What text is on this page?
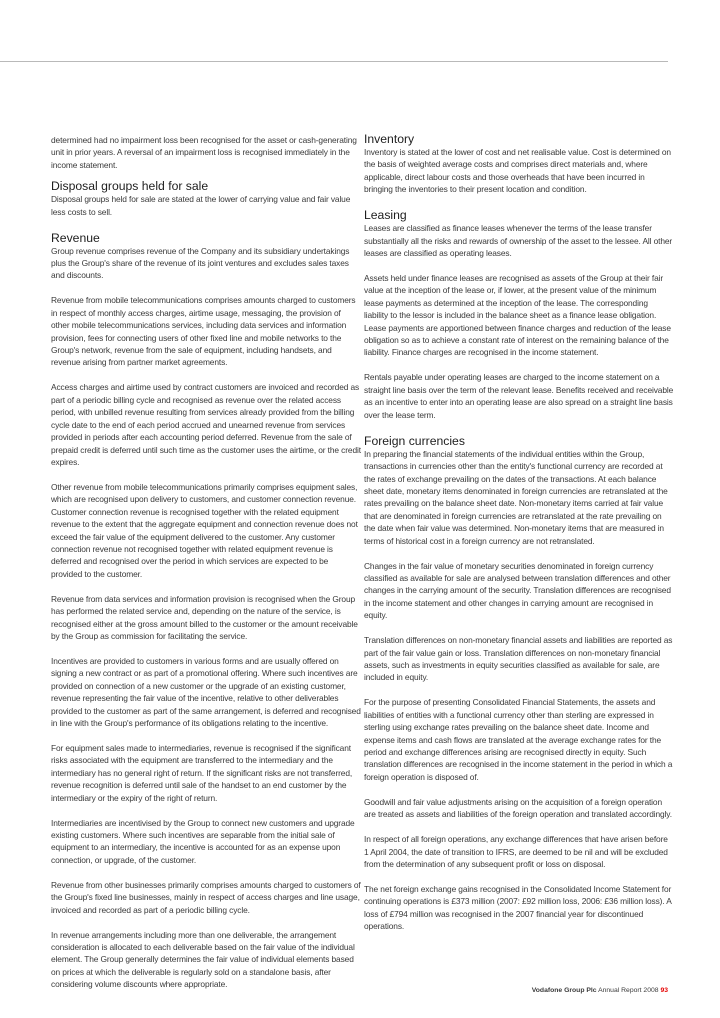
determined had no impairment loss been recognised for the asset or cash-generating unit in prior years. A reversal of an impairment loss is recognised immediately in the income statement.

Disposal groups held for sale

Disposal groups held for sale are stated at the lower of carrying value and fair value less costs to sell.

Revenue

Group revenue comprises revenue of the Company and its subsidiary undertakings plus the Group's share of the revenue of its joint ventures and excludes sales taxes and discounts.

Revenue from mobile telecommunications comprises amounts charged to customers in respect of monthly access charges, airtime usage, messaging, the provision of other mobile telecommunications services, including data services and information provision, fees for connecting users of other fixed line and mobile networks to the Group's network, revenue from the sale of equipment, including handsets, and revenue arising from partner market agreements.

Access charges and airtime used by contract customers are invoiced and recorded as part of a periodic billing cycle and recognised as revenue over the related access period, with unbilled revenue resulting from services already provided from the billing cycle date to the end of each period accrued and unearned revenue from services provided in periods after each accounting period deferred. Revenue from the sale of prepaid credit is deferred until such time as the customer uses the airtime, or the credit expires.

Other revenue from mobile telecommunications primarily comprises equipment sales, which are recognised upon delivery to customers, and customer connection revenue. Customer connection revenue is recognised together with the related equipment revenue to the extent that the aggregate equipment and connection revenue does not exceed the fair value of the equipment delivered to the customer. Any customer connection revenue not recognised together with related equipment revenue is deferred and recognised over the period in which services are expected to be provided to the customer.

Revenue from data services and information provision is recognised when the Group has performed the related service and, depending on the nature of the service, is recognised either at the gross amount billed to the customer or the amount receivable by the Group as commission for facilitating the service.

Incentives are provided to customers in various forms and are usually offered on signing a new contract or as part of a promotional offering. Where such incentives are provided on connection of a new customer or the upgrade of an existing customer, revenue representing the fair value of the incentive, relative to other deliverables provided to the customer as part of the same arrangement, is deferred and recognised in line with the Group's performance of its obligations relating to the incentive.

For equipment sales made to intermediaries, revenue is recognised if the significant risks associated with the equipment are transferred to the intermediary and the intermediary has no general right of return. If the significant risks are not transferred, revenue recognition is deferred until sale of the handset to an end customer by the intermediary or the expiry of the right of return.

Intermediaries are incentivised by the Group to connect new customers and upgrade existing customers. Where such incentives are separable from the initial sale of equipment to an intermediary, the incentive is accounted for as an expense upon connection, or upgrade, of the customer.

Revenue from other businesses primarily comprises amounts charged to customers of the Group's fixed line businesses, mainly in respect of access charges and line usage, invoiced and recorded as part of a periodic billing cycle.

In revenue arrangements including more than one deliverable, the arrangement consideration is allocated to each deliverable based on the fair value of the individual element. The Group generally determines the fair value of individual elements based on prices at which the deliverable is regularly sold on a standalone basis, after considering volume discounts where appropriate.

Inventory

Inventory is stated at the lower of cost and net realisable value. Cost is determined on the basis of weighted average costs and comprises direct materials and, where applicable, direct labour costs and those overheads that have been incurred in bringing the inventories to their present location and condition.

Leasing

Leases are classified as finance leases whenever the terms of the lease transfer substantially all the risks and rewards of ownership of the asset to the lessee. All other leases are classified as operating leases.

Assets held under finance leases are recognised as assets of the Group at their fair value at the inception of the lease or, if lower, at the present value of the minimum lease payments as determined at the inception of the lease. The corresponding liability to the lessor is included in the balance sheet as a finance lease obligation. Lease payments are apportioned between finance charges and reduction of the lease obligation so as to achieve a constant rate of interest on the remaining balance of the liability. Finance charges are recognised in the income statement.

Rentals payable under operating leases are charged to the income statement on a straight line basis over the term of the relevant lease. Benefits received and receivable as an incentive to enter into an operating lease are also spread on a straight line basis over the lease term.

Foreign currencies

In preparing the financial statements of the individual entities within the Group, transactions in currencies other than the entity's functional currency are recorded at the rates of exchange prevailing on the dates of the transactions. At each balance sheet date, monetary items denominated in foreign currencies are retranslated at the rates prevailing on the balance sheet date. Non-monetary items carried at fair value that are denominated in foreign currencies are retranslated at the rate prevailing on the date when fair value was determined. Non-monetary items that are measured in terms of historical cost in a foreign currency are not retranslated.

Changes in the fair value of monetary securities denominated in foreign currency classified as available for sale are analysed between translation differences and other changes in the carrying amount of the security. Translation differences are recognised in the income statement and other changes in carrying amount are recognised in equity.

Translation differences on non-monetary financial assets and liabilities are reported as part of the fair value gain or loss. Translation differences on non-monetary financial assets, such as investments in equity securities classified as available for sale, are included in equity.

For the purpose of presenting Consolidated Financial Statements, the assets and liabilities of entities with a functional currency other than sterling are expressed in sterling using exchange rates prevailing on the balance sheet date. Income and expense items and cash flows are translated at the average exchange rates for the period and exchange differences arising are recognised directly in equity. Such translation differences are recognised in the income statement in the period in which a foreign operation is disposed of.

Goodwill and fair value adjustments arising on the acquisition of a foreign operation are treated as assets and liabilities of the foreign operation and translated accordingly.

In respect of all foreign operations, any exchange differences that have arisen before 1 April 2004, the date of transition to IFRS, are deemed to be nil and will be excluded from the determination of any subsequent profit or loss on disposal.

The net foreign exchange gains recognised in the Consolidated Income Statement for continuing operations is £373 million (2007: £92 million loss, 2006: £36 million loss). A loss of £794 million was recognised in the 2007 financial year for discontinued operations.

Vodafone Group Plc Annual Report 2008 93
